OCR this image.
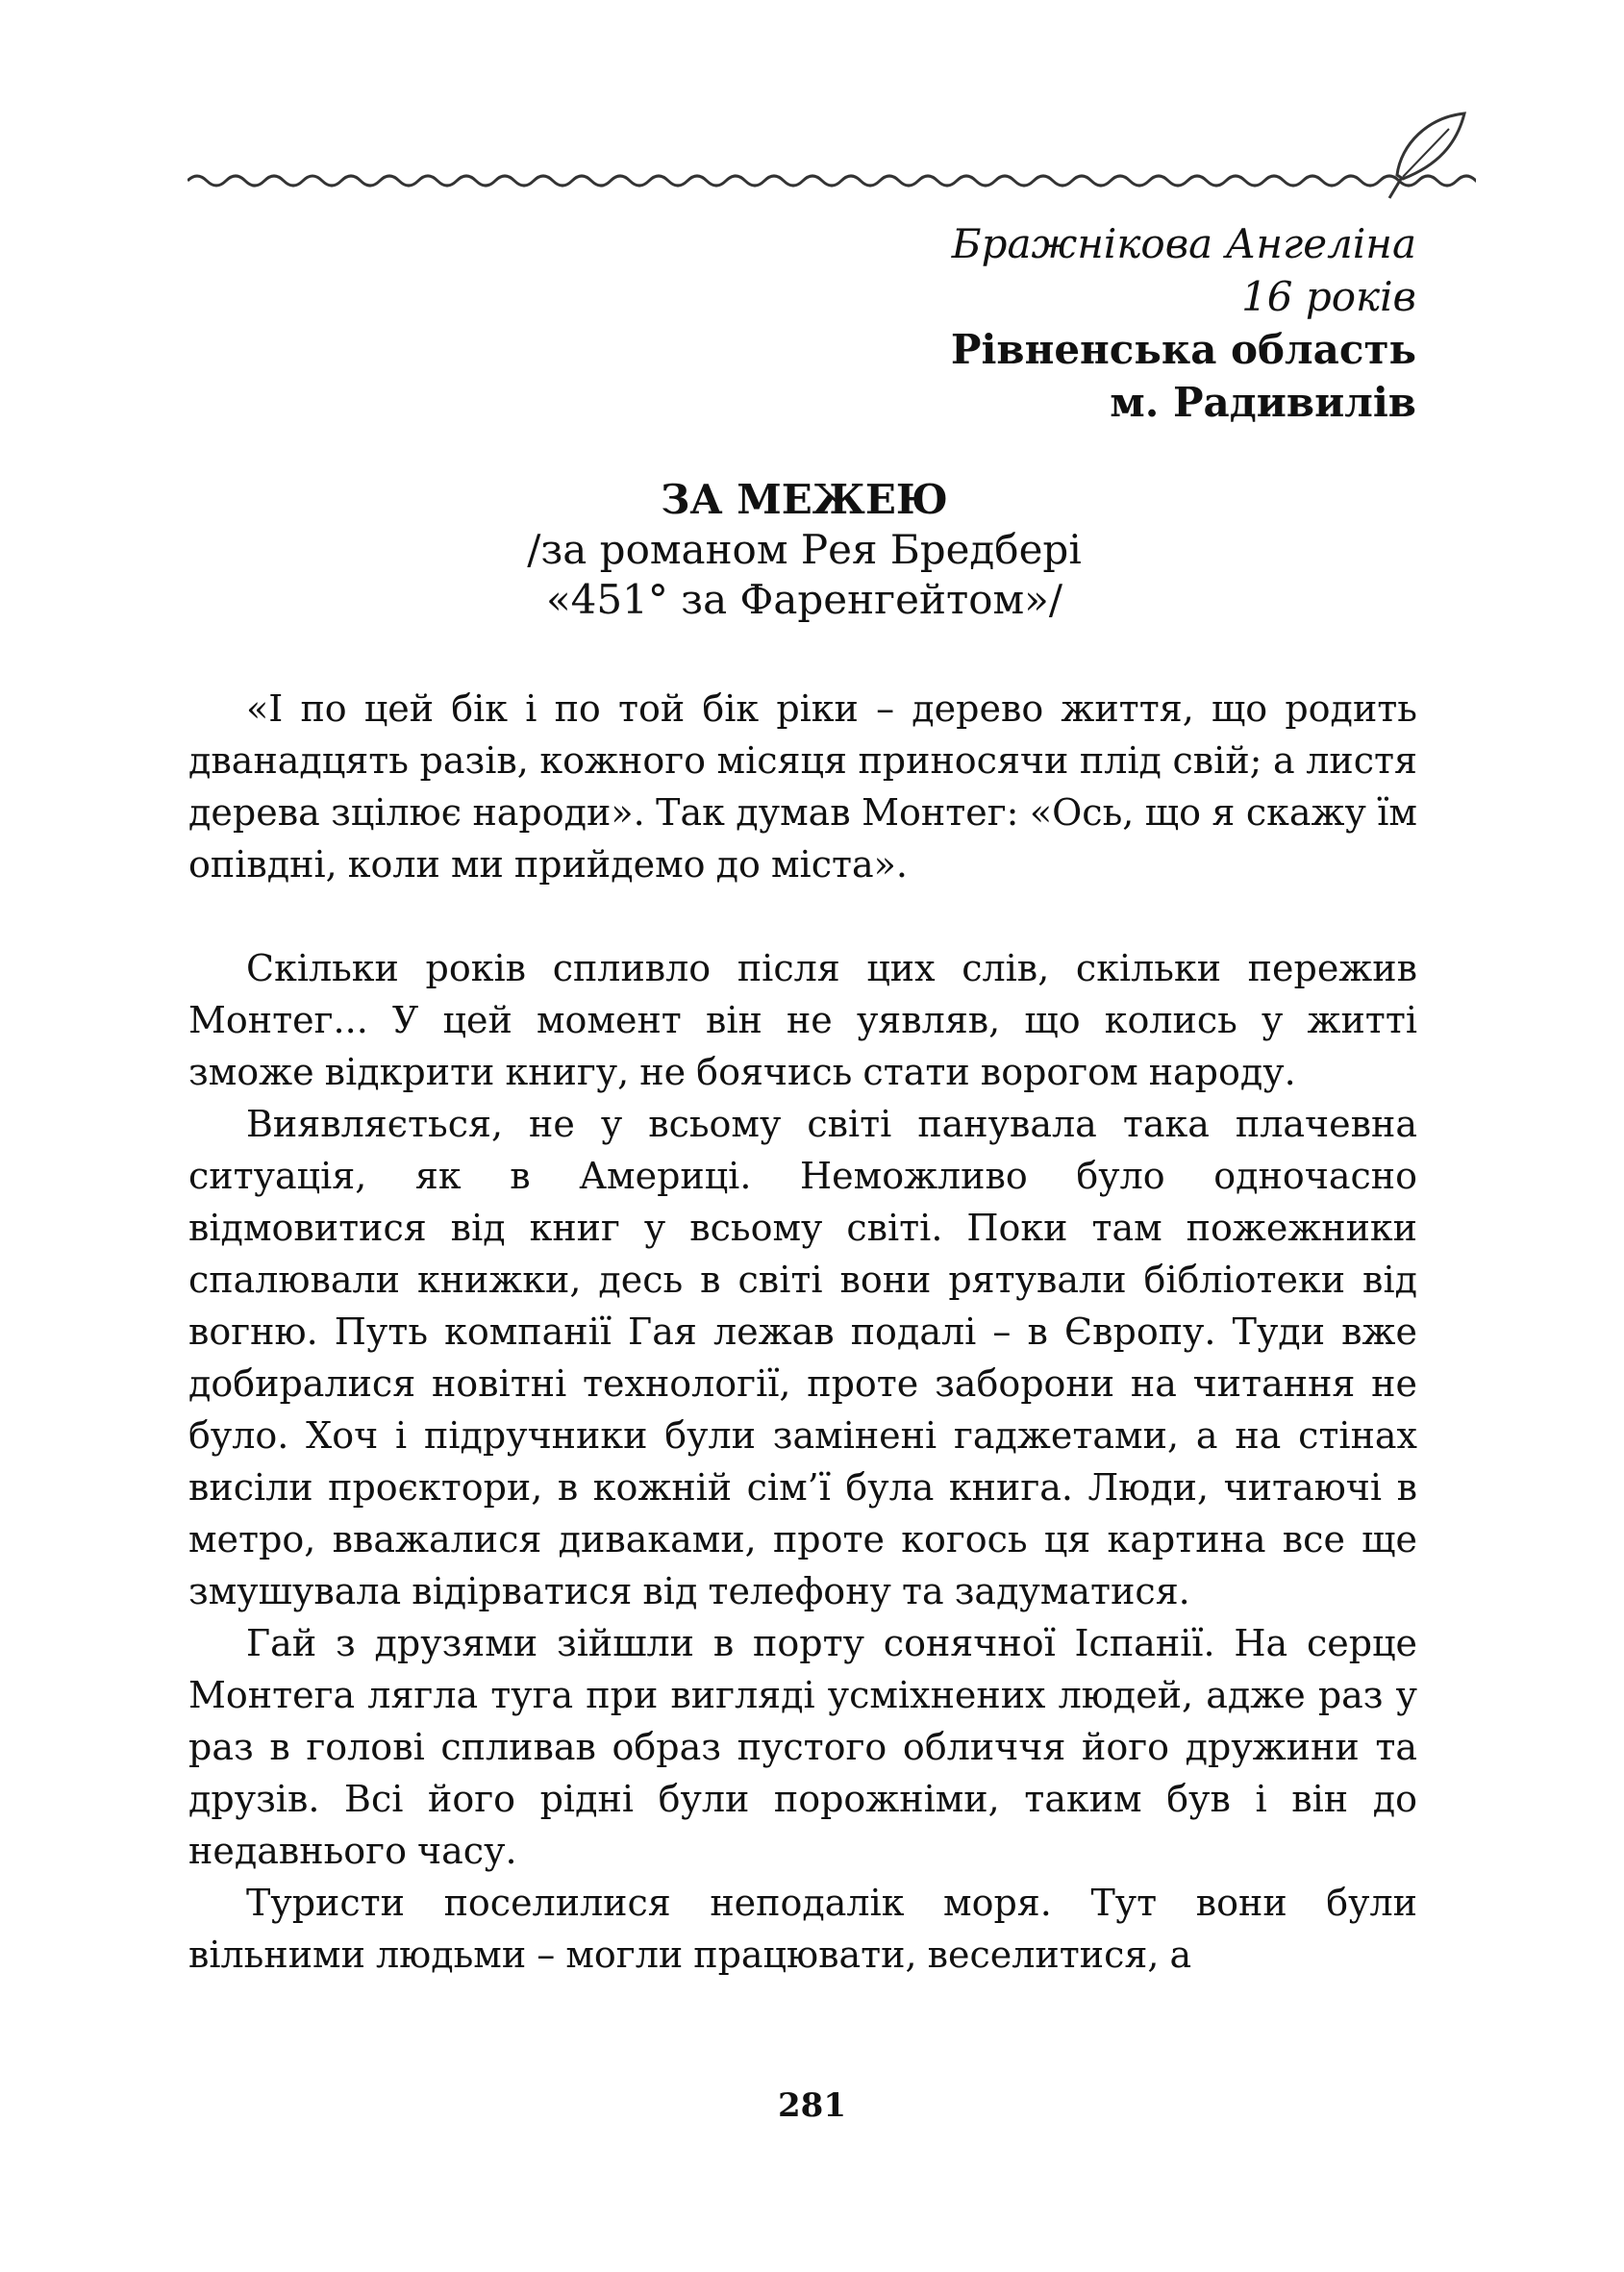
Бражнікова Ангеліна
16 років
Рівненська область
м. Радивилів
ЗА МЕЖЕЮ
/за романом Рея Бредбері
«451° за Фаренгейтом»/

«І по цей бік і по той бік ріки – дерево життя, що родить дванадцять разів, кожного місяця приносячи плід свій; а листя дерева зцілює народи». Так думав Монтег: «Ось, що я скажу їм опівдні, коли ми прийдемо до міста».

Скільки років спливло після цих слів, скільки пережив Монтег... У цей момент він не уявляв, що колись у житті зможе відкрити книгу, не боячись стати ворогом народу.

Виявляється, не у всьому світі панувала така плачевна ситуація, як в Америці. Неможливо було одночасно відмовитися від книг у всьому світі. Поки там пожежники спалювали книжки, десь в світі вони рятували бібліотеки від вогню. Путь компанії Гая лежав подалі – в Європу. Туди вже добиралися новітні технології, проте заборони на читання не було. Хоч і підручники були замінені гаджетами, а на стінах висіли проєктори, в кожній сім’ї була книга. Люди, читаючі в метро, вважалися диваками, проте когось ця картина все ще змушувала відірватися від телефону та задуматися.

Гай з друзями зійшли в порту сонячної Іспанії. На серце Монтега лягла туга при вигляді усміхнених людей, адже раз у раз в голові спливав образ пустого обличчя його дружини та друзів. Всі його рідні були порожніми, таким був і він до недавнього часу.

Туристи поселилися неподалік моря. Тут вони були вільними людьми – могли працювати, веселитися, а

281
